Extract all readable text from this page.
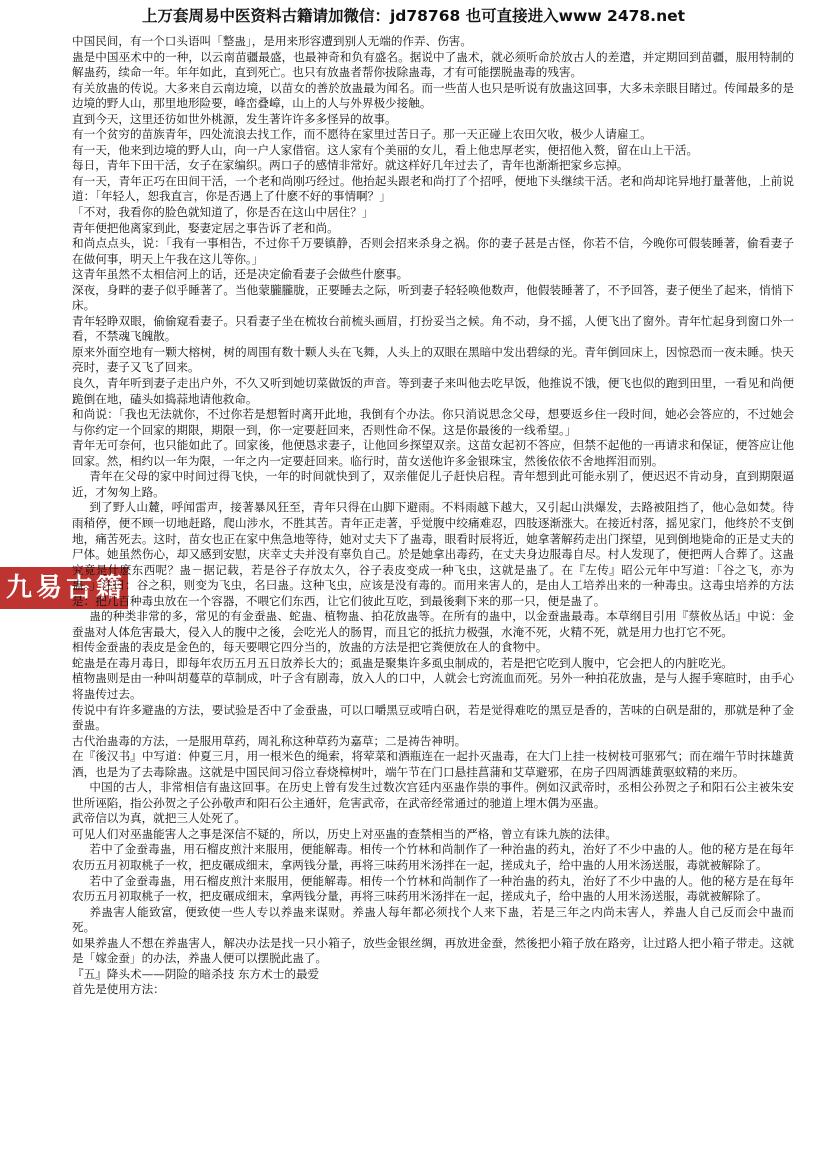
上万套周易中医资料古籍请加微信：jd78768 也可直接进入www 2478.net
九易古籍网

中国民间，有一个口头语叫「整蛊」，是用来形容遭到别人无端的作弄、伤害。

蛊是中国巫术中的一种，以云南苗疆最盛，也最神奇和负有盛名。据说中了蛊术，就必须听命於放古人的差遣，并定期回到苗疆，服用特制的解蛊药，续命一年。年年如此，直到死亡。也只有放蛊者帮你拔除蛊毒，才有可能摆脱蛊毒的残害。

有关放蛊的传说。大多来自云南边境，以苗女的善於放蛊最为闻名。而一些苗人也只是听说有放蛊这回事，大多未亲眼目睹过。传闻最多的是边境的野人山，那里地形险要，峰峦叠嶂，山上的人与外界极少接触。

直到今天，这里还彷如世外桃源，发生著许许多多怪异的故事。

有一个贫穷的苗族青年，四处流浪去找工作，而不愿待在家里过苦日子。那一天正碰上农田欠收，极少人请雇工。

有一天，他来到边境的野人山，向一户人家借宿。这人家有个美丽的女儿，看上他忠厚老实，便招他入赘，留在山上干活。

每日，青年下田干活，女子在家编织。两口子的感情非常好。就这样好几年过去了，青年也渐渐把家乡忘掉。

有一天，青年正巧在田间干活，一个老和尚刚巧经过。他抬起头跟老和尚打了个招呼，便地下头继续干活。老和尚却诧异地打量著他，上前说道：「年轻人，恕我直言，你是否遇上了什麽不好的事情啊？」

「不对，我看你的脸色就知道了，你是否在这山中居住？」

青年便把他离家到此，娶妻定居之事告诉了老和尚。

和尚点点头，说：「我有一事相告，不过你千万要镇静，否则会招来杀身之祸。你的妻子甚是古怪，你若不信，今晚你可假装睡著，偷看妻子在做何事，明天上午我在这儿等你。」

这青年虽然不太相信河上的话，还是决定偷看妻子会做些什麽事。

深夜，身畔的妻子似乎睡著了。当他蒙朧朧胧，正要睡去之际，听到妻子轻轻唤他数声，他假装睡著了，不予回答，妻子便坐了起来，悄悄下床。

青年轻睁双眼，偷偷窥看妻子。只看妻子坐在梳妆台前梳头画眉，打扮妥当之候。角不动，身不摇，人便飞出了窗外。青年忙起身到窗口外一看，不禁魂飞魄散。

原来外面空地有一颗大榕树，树的周围有数十颗人头在飞舞，人头上的双眼在黑暗中发出碧绿的光。青年倒回床上，因惊恐而一夜未睡。快天亮时，妻子又飞了回来。

良久，青年听到妻子走出户外，不久又听到她切菜做饭的声音。等到妻子来叫他去吃早饭，他推说不饿，便飞也似的跑到田里，一看见和尚便跪倒在地，磕头如捣蒜地请他救命。

和尚说：「我也无法就你，不过你若是想暂时离开此地，我倒有个办法。你只消说思念父母，想要返乡住一段时间，她必会答应的，不过她会与你约定一个回家的期限，期限一到，你一定要赶回来，否则性命不保。这是你最後的一线希望。」

青年无可奈何，也只能如此了。回家後，他便恳求妻子，让他回乡探望双亲。这苗女起初不答应，但禁不起他的一再请求和保证，便答应让他回家。然，相约以一年为限，一年之内一定要赶回来。临行时，苗女送他许多金银珠宝，然後依依不舍地挥泪而别。

青年在父母的家中时间过得飞快，一年的时间就快到了，双亲催促儿子赶快启程。青年想到此可能永别了，便迟迟不肯动身，直到期限逼近，才匆匆上路。

到了野人山麓，呼闻雷声，接著暴风狂至，青年只得在山脚下避雨。不料雨越下越大，又引起山洪爆发，去路被阻挡了，他心急如焚。待雨稍停，便不顾一切地赶路，爬山涉水，不胜其苦。青年正走著，乎觉腹中绞痛难忍，四肢逐渐涨大。在接近村落，摇见家门，他终於不支倒地，痛苦死去。这时，苗女也正在家中焦急地等待，她对丈夫下了蛊毒，眼看时辰将近，她拿著解药走出门探望，见到倒地毙命的正是丈夫的尸体。她虽然伤心，却又感到安慰，庆幸丈夫并没有辜负自己。於是她拿出毒药，在丈夫身边服毒自尽。村人发现了，便把两人合葬了。这蛊究竟是什麽东西呢？蛊－据记载，若是谷子存放太久，谷子表皮变成一种飞虫，这就是蛊了。在『左传』昭公元年中写道：「谷之飞，亦为蛊。」注曰：谷之积，则变为飞虫，名曰蛊。这种飞虫，应该是没有毒的。而用来害人的，是由人工培养出来的一种毒虫。这毒虫培养的方法是：把几百种毒虫放在一个容器，不喂它们东西，让它们彼此互吃，到最後剩下来的那一只，便是蛊了。

蛊的种类非常的多，常见的有金蚕蛊、蛇蛊、植物蛊、拍花放蛊等。在所有的蛊中，以金蚕蛊最毒。本草纲目引用『蔡攸丛话』中说：金蚕蛊对人体危害最大，侵入人的腹中之後，会吃光人的肠胃，而且它的抵抗力极强，水淹不死，火精不死，就是用力也打它不死。

相传金蚕蛊的表皮是金色的，每天要喂它四分当的，放蛊的方法是把它粪便放在人的食物中。

蛇蛊是在毒月毒日，即每年农历五月五日放养长大的；虱蛊是聚集许多虱虫制成的，若是把它吃到人腹中，它会把人的内脏吃光。

植物蛊则是由一种叫胡蔓草的草制成，叶子含有剧毒，放入人的口中，人就会七窍流血而死。另外一种拍花放蛊，是与人握手寒暄时，由手心将蛊传过去。

传说中有许多避蛊的方法，要试验是否中了金蚕蛊，可以口嚼黑豆或啃白矾，若是觉得难吃的黑豆是香的，苦味的白矾是甜的，那就是种了金蚕蛊。

古代治蛊毒的方法，一是服用草药，周礼称这种草药为嘉草；二是祷告神明。

在『後汉书』中写道：仲夏三月，用一根米色的绳索，将荤菜和酒瓶连在一起扑灭蛊毒，在大门上挂一枝树枝可驱邪气；而在端午节时抹雄黄酒，也是为了去毒除蛊。这就是中国民间习俗立春烧樟树叶，端午节在门口悬挂菖蒲和艾草避邪，在房子四周洒雄黄驱蚊精的来历。

中国的古人，非常相信有蛊这回事。在历史上曾有发生过数次宫廷内巫蛊作祟的事件。例如汉武帝时，丞相公孙贺之子和阳石公主被朱安世所诬陷，指公孙贺之子公孙敬声和阳石公主通奸，危害武帝，在武帝经常通过的驰道上埋木偶为巫蛊。

武帝信以为真，就把三人处死了。

可见人们对巫蛊能害人之事是深信不疑的，所以，历史上对巫蛊的查禁相当的严格，曾立有诛九族的法律。

若中了金蚕毒蛊，用石榴皮煎汁来服用，便能解毒。相传一个竹林和尚制作了一种治蛊的药丸，治好了不少中蛊的人。他的秘方是在每年农历五月初取桃子一枚，把皮碾成细末，拿两钱分量，再将三味药用米汤拌在一起，搓成丸子，给中蛊的人用米汤送服，毒就被解除了。

若中了金蚕毒蛊，用石榴皮煎汁来服用，便能解毒。相传一个竹林和尚制作了一种治蛊的药丸，治好了不少中蛊的人。他的秘方是在每年农历五月初取桃子一枚，把皮碾成细末，拿两钱分量，再将三味药用米汤拌在一起，搓成丸子，给中蛊的人用米汤送服，毒就被解除了。

养蛊害人能致富，便致使一些人专以养蛊来谋财。养蛊人每年都必须找个人来下蛊，若是三年之内尚未害人，养蛊人自己反而会中蛊而死。

如果养蛊人不想在养蛊害人，解决办法是找一只小箱子，放些金银丝绸，再放进金蚕，然後把小箱子放在路旁，让过路人把小箱子带走。这就是「嫁金蚕」的办法，养蛊人便可以摆脱此蛊了。

『五』降头术——阴险的暗杀技 东方术士的最爱

首先是使用方法：
